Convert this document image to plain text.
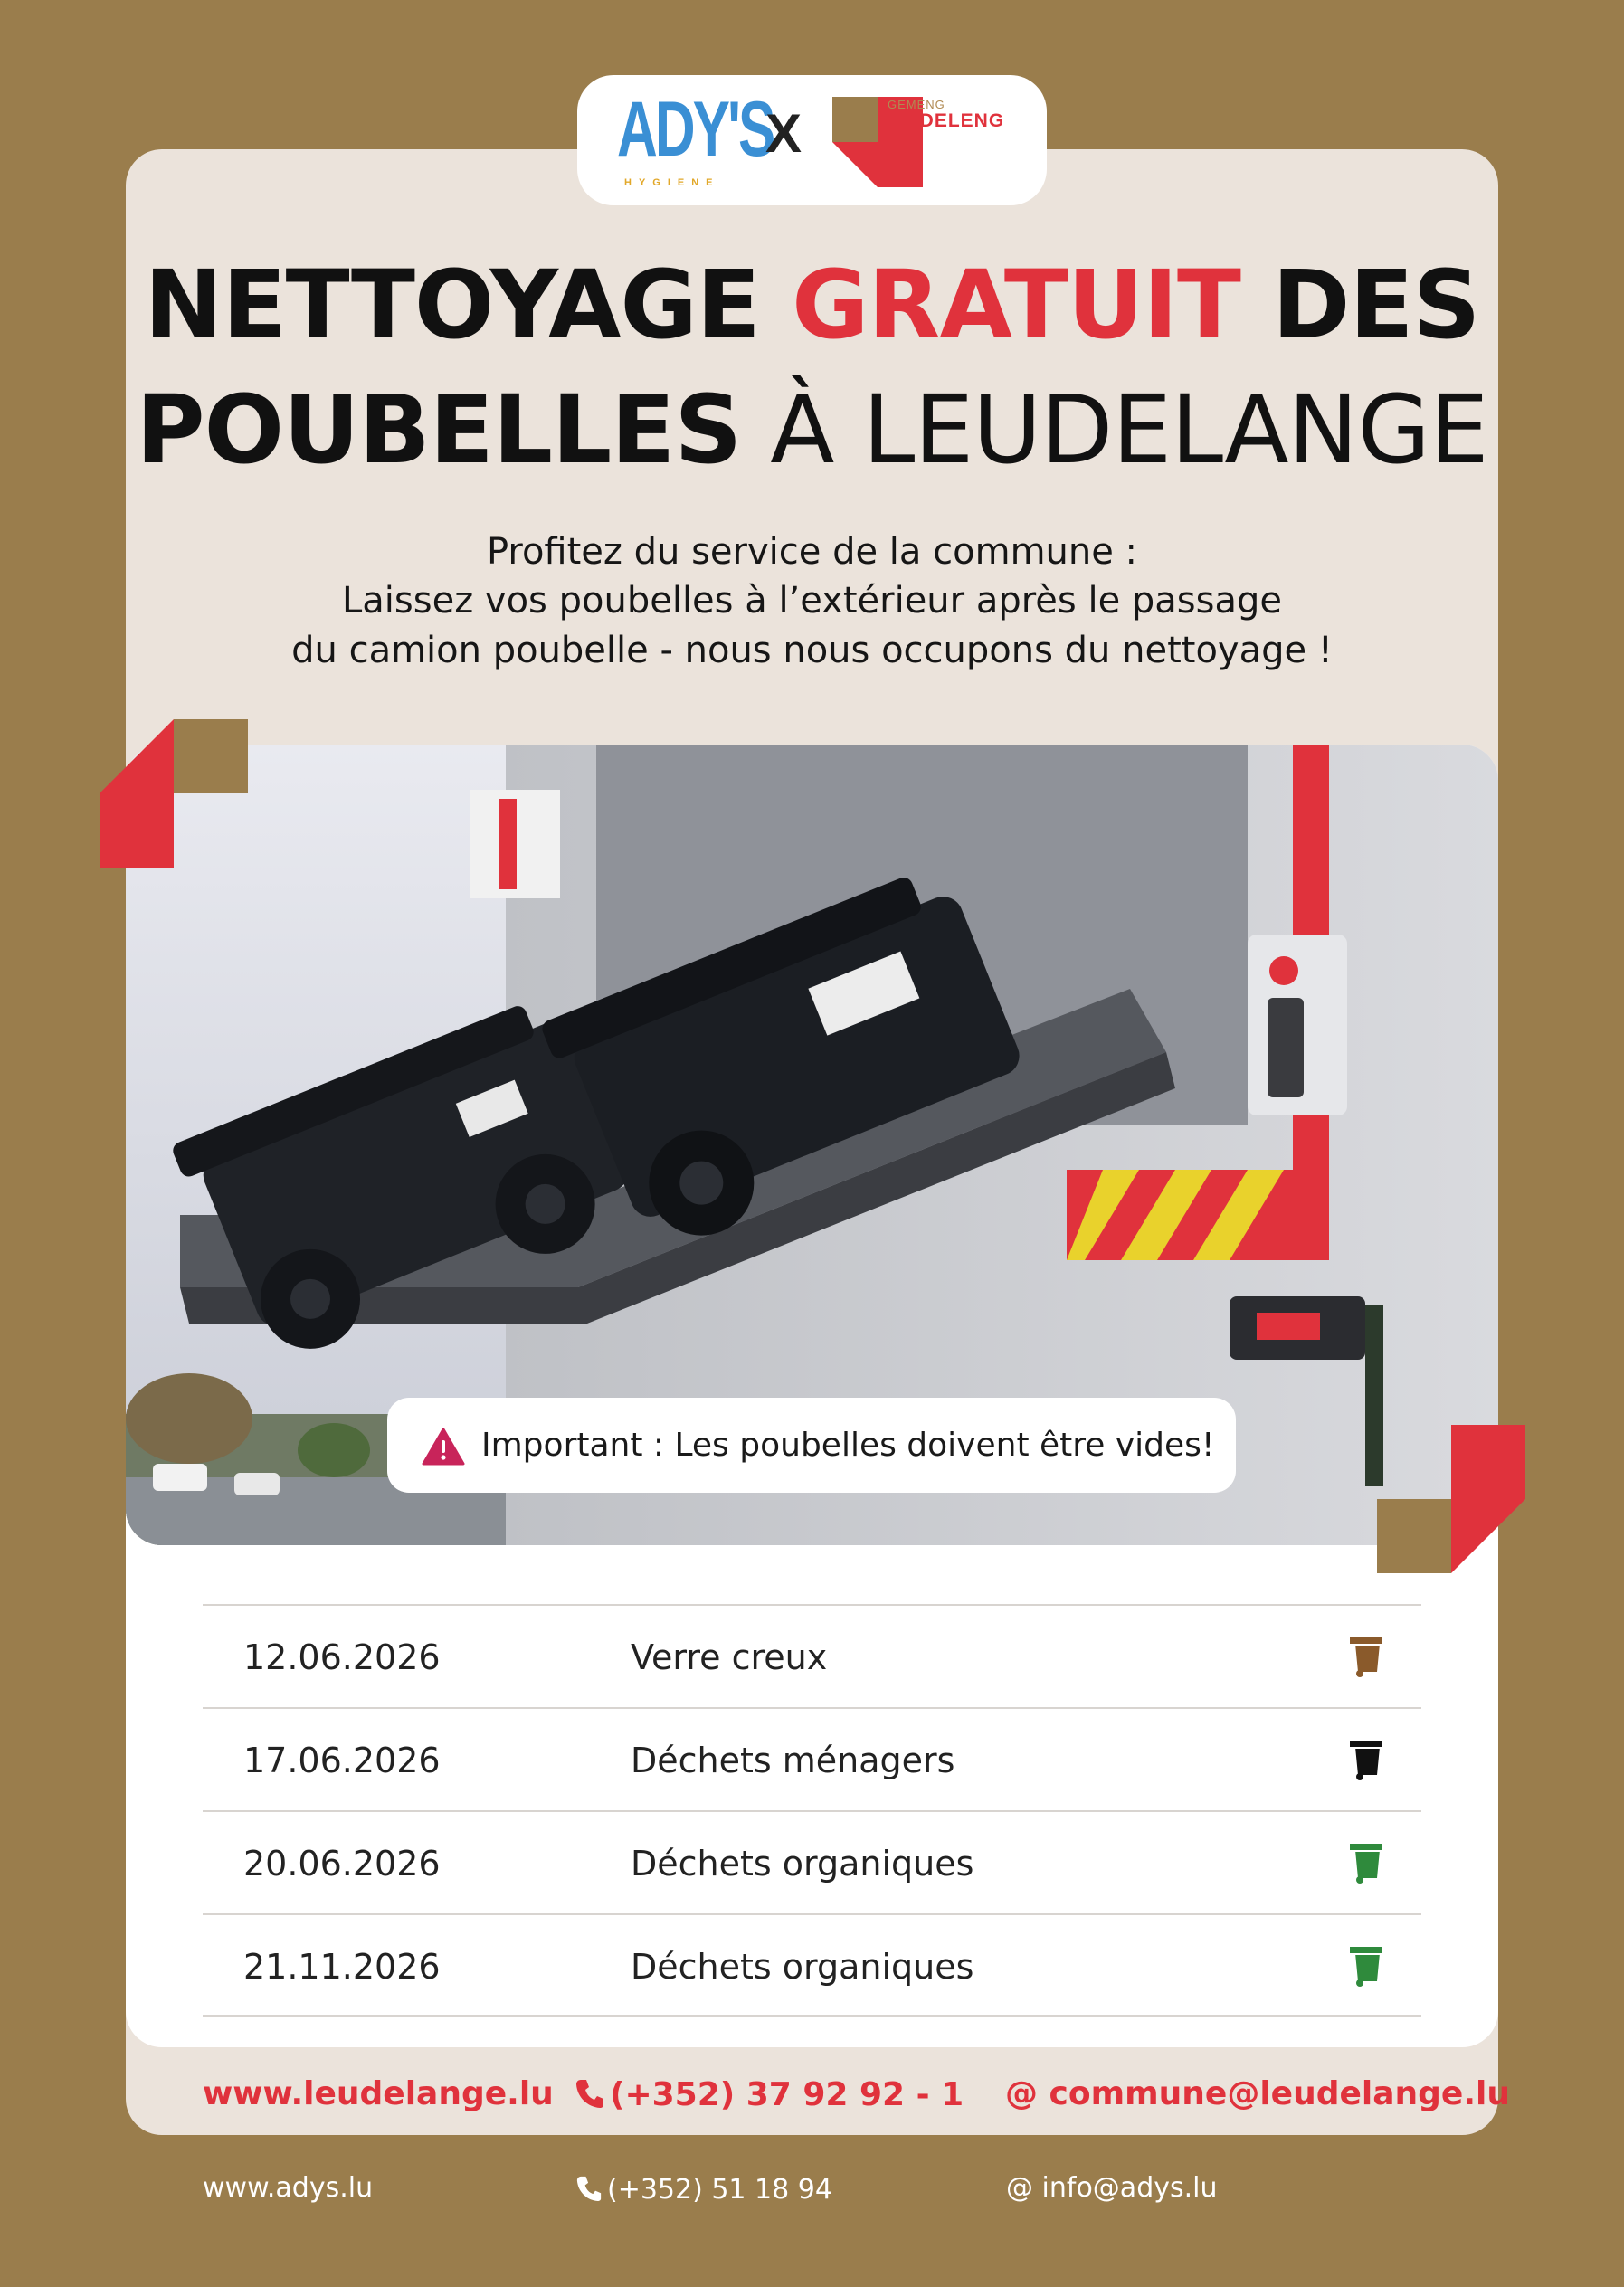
ADY'S
HYGIENE
X	GEMENG
LEIDELENG
NETTOYAGE GRATUIT DES
POUBELLES À LEUDELANGE
Profitez du service de la commune :
Laissez vos poubelles à l’extérieur après le passage
du camion poubelle - nous nous occupons du nettoyage !
Important : Les poubelles doivent être vides!
12.06.2026	Verre creux
17.06.2026	Déchets ménagers
20.06.2026	Déchets organiques
21.11.2026	Déchets organiques
www.leudelange.lu	(+352) 37 92 92 - 1 @ commune@leudelange.lu
www.adys.lu	(+352) 51 18 94	@ info@adys.lu
